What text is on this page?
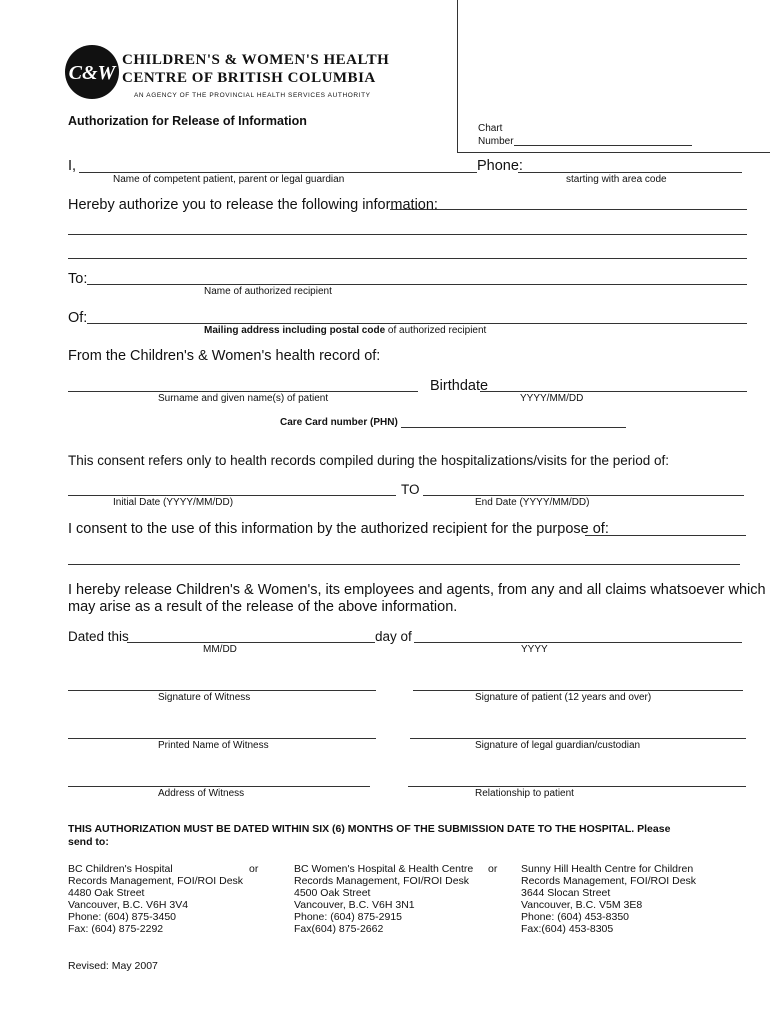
C&W
CHILDREN'S & WOMEN'S HEALTH
CENTRE OF BRITISH COLUMBIA
AN AGENCY OF THE PROVINCIAL HEALTH SERVICES AUTHORITY
Chart
Number
Authorization for Release of Information
I,	Phone:
Name of competent patient, parent or legal guardian	starting with area code
Hereby authorize you to release the following information:
To:
Name of authorized recipient
Of:
Mailing address including postal code of authorized recipient
From the Children's & Women's health record of:
Birthdate
Surname and given name(s) of patient	YYYY/MM/DD
Care Card number (PHN)
This consent refers only to health records compiled during the hospitalizations/visits for the period of:
TO
Initial Date (YYYY/MM/DD)	End Date (YYYY/MM/DD)
I consent to the use of this information by the authorized recipient for the purpose of:
I hereby release Children's & Women's, its employees and agents, from any and all claims whatsoever which
may arise as a result of the release of the above information.
Dated this	day of
MM/DD	YYYY
Signature of Witness	Signature of patient (12 years and over)
Printed Name of Witness	Signature of legal guardian/custodian
Address of Witness	Relationship to patient
THIS AUTHORIZATION MUST BE DATED WITHIN SIX (6) MONTHS OF THE SUBMISSION DATE TO THE HOSPITAL. Please
send to:
BC Children's Hospital
Records Management, FOI/ROI Desk
4480 Oak Street
Vancouver, B.C. V6H 3V4
Phone: (604) 875-3450
Fax: (604) 875-2292
or	BC Women's Hospital & Health Centre
Records Management, FOI/ROI Desk
4500 Oak Street
Vancouver, B.C. V6H 3N1
Phone: (604) 875-2915
Fax(604) 875-2662
or Sunny Hill Health Centre for Children
Records Management, FOI/ROI Desk
3644 Slocan Street
Vancouver, B.C. V5M 3E8
Phone: (604) 453-8350
Fax:(604) 453-8305
Revised: May 2007
